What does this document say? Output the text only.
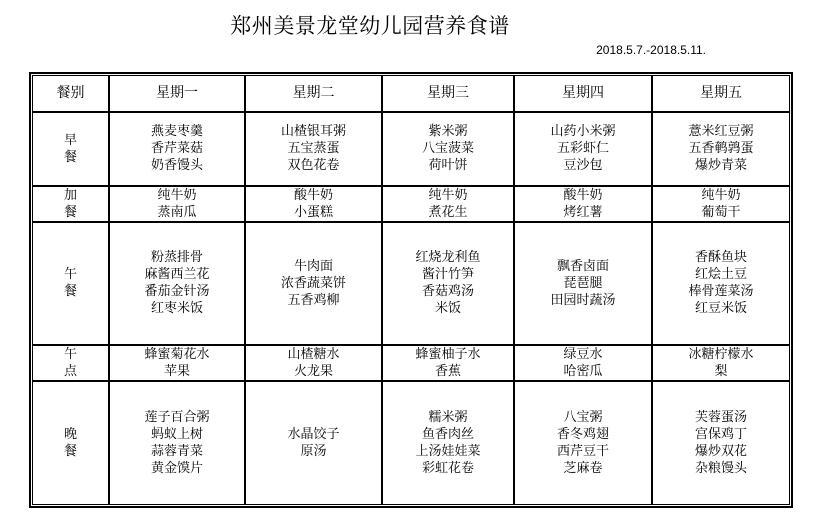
郑州美景龙堂幼儿园营养食谱
2018.5.7.-2018.5.11.
餐别	星期一	星期二	星期三	星期四	星期五

早
餐	燕麦枣羹
香芹菜菇
奶香馒头	山楂银耳粥
五宝蒸蛋
双色花卷	紫米粥
八宝菠菜
荷叶饼	山药小米粥
五彩虾仁
豆沙包	薏米红豆粥
五香鹌鹑蛋
爆炒青菜

加
餐	纯牛奶
蒸南瓜	酸牛奶
小蛋糕	纯牛奶
煮花生	酸牛奶
烤红薯	纯牛奶
葡萄干

午
餐	粉蒸排骨
麻酱西兰花
番茄金针汤
红枣米饭	牛肉面
浓香蔬菜饼
五香鸡柳	红烧龙利鱼
酱汁竹笋
香菇鸡汤
米饭	飘香卤面
琵琶腿
田园时蔬汤	香酥鱼块
红烩土豆
棒骨莲菜汤
红豆米饭

午
点	蜂蜜菊花水
苹果	山楂糖水
火龙果	蜂蜜柚子水
香蕉	绿豆水
哈密瓜	冰糖柠檬水
梨

晚
餐	莲子百合粥
蚂蚁上树
蒜蓉青菜
黄金馍片	水晶饺子
原汤	糯米粥
鱼香肉丝
上汤娃娃菜
彩虹花卷	八宝粥
香冬鸡翅
西芹豆干
芝麻卷	芙蓉蛋汤
宫保鸡丁
爆炒双花
杂粮馒头
